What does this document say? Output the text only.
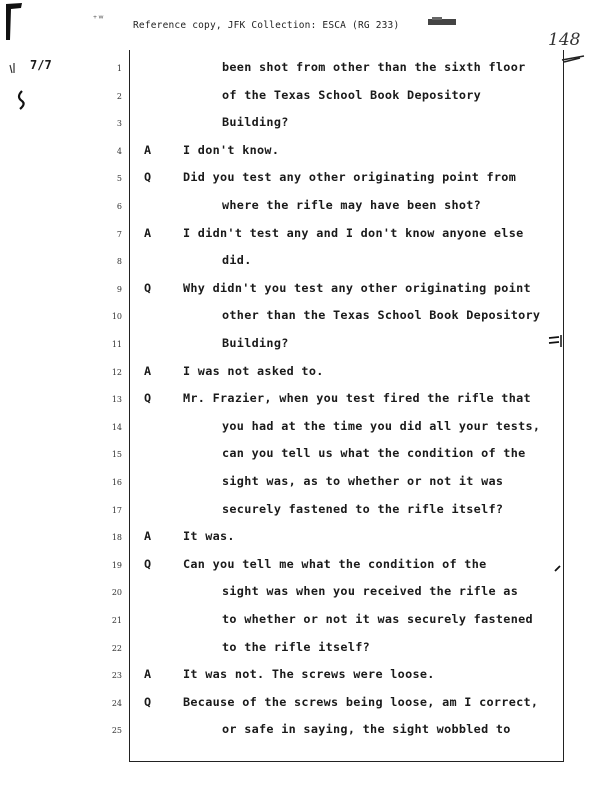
⁺ʷ
7/7
Reference copy, JFK Collection: ESCA (RG 233)
148
1	been shot from other than the sixth floor
2	of the Texas School Book Depository
3	Building?
4 A	I don't know.
5 Q	Did you test any other originating point from
6	where the rifle may have been shot?
7 A	I didn't test any and I don't know anyone else
8	did.
9 Q	Why didn't you test any other originating point
10	other than the Texas School Book Depository
11	Building?
12 A	I was not asked to.
13 Q	Mr. Frazier, when you test fired the rifle that
14	you had at the time you did all your tests,
15	can you tell us what the condition of the
16	sight was, as to whether or not it was
17	securely fastened to the rifle itself?
18 A	It was.
19 Q	Can you tell me what the condition of the
20	sight was when you received the rifle as
21	to whether or not it was securely fastened
22	to the rifle itself?
23 A	It was not. The screws were loose.
24 Q	Because of the screws being loose, am I correct,
25	or safe in saying, the sight wobbled to
